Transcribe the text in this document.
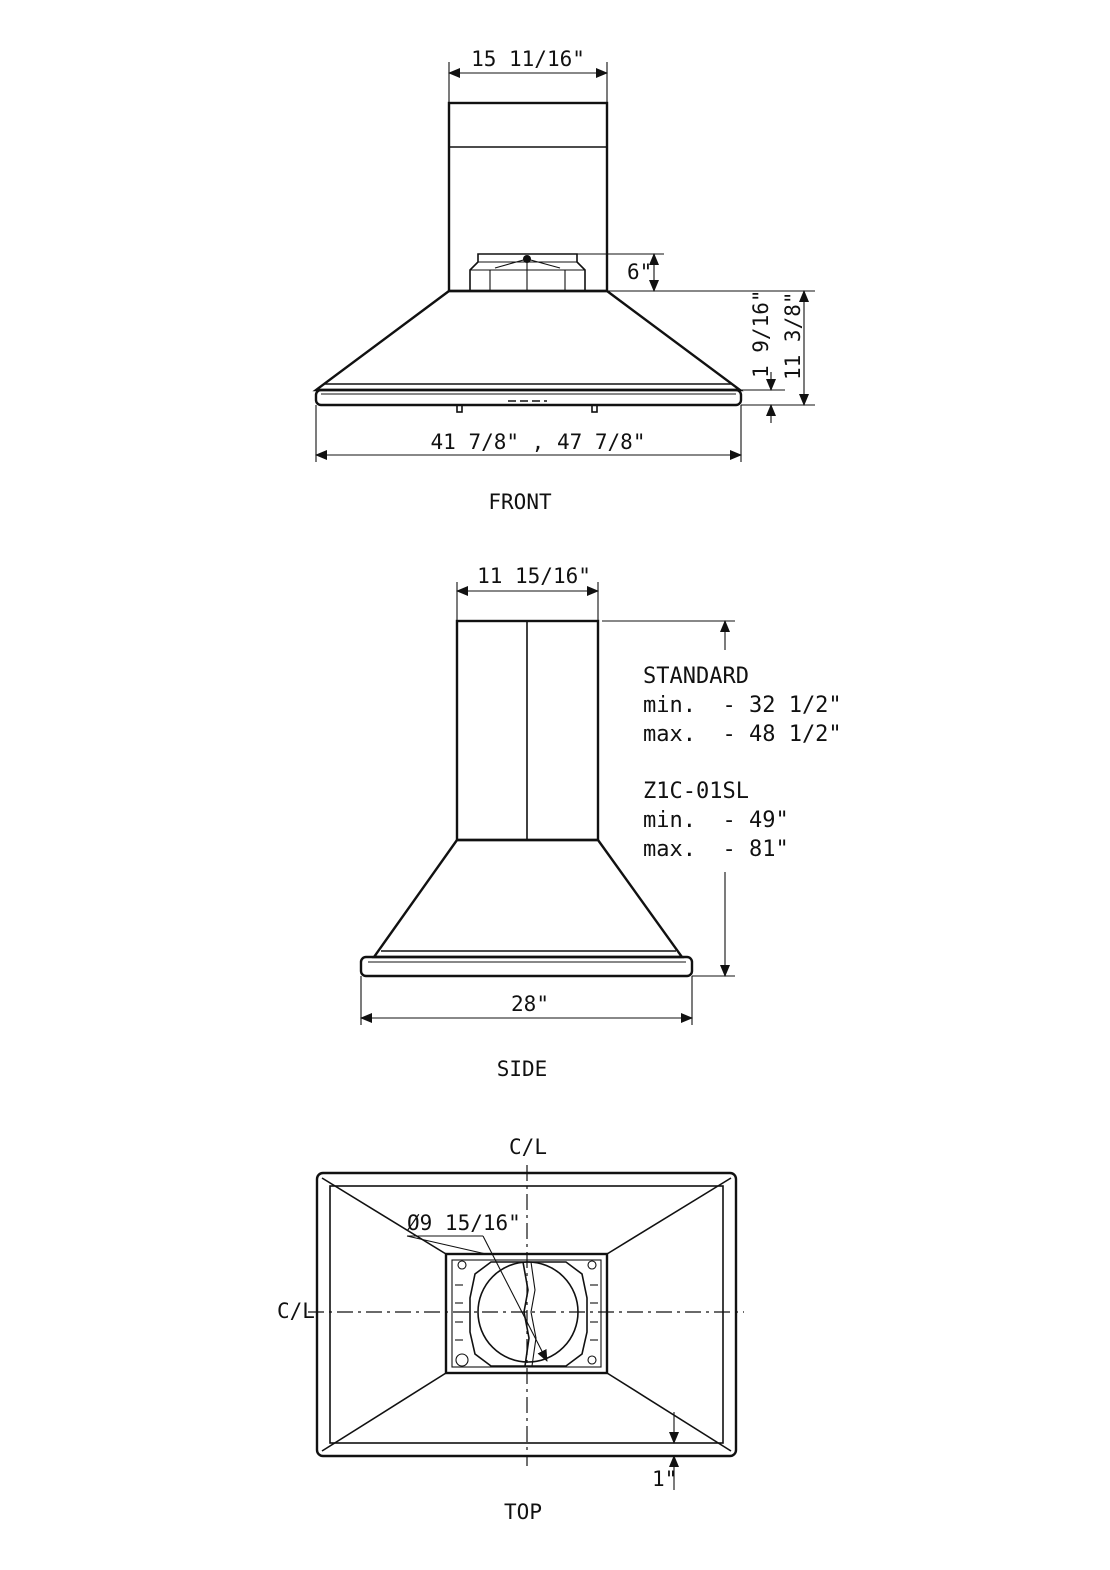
15 11/16"
6"
1 9/16" 11 3/8"
41 7/8" , 47 7/8"
FRONT
11 15/16"
STANDARD
min.  - 32 1/2"
max.  - 48 1/2"
Z1C-01SL
min.  - 49"
max.  - 81"
28"
SIDE
C/L
C/L
Ø9 15/16"
1"
TOP
